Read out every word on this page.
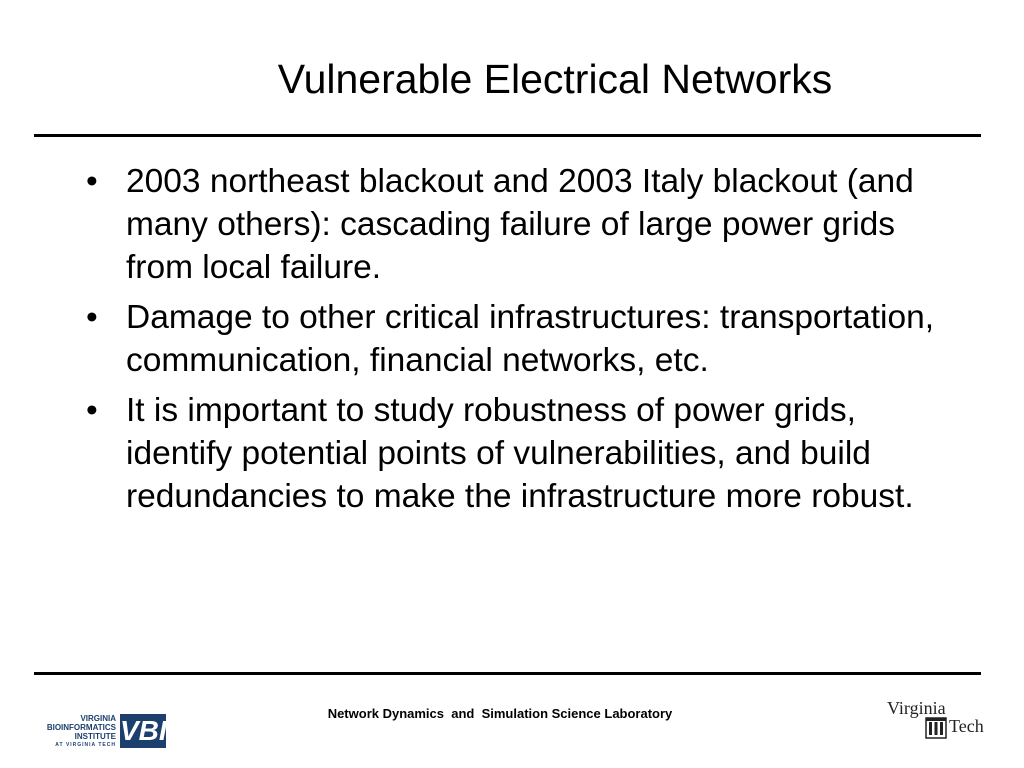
Vulnerable Electrical Networks
• 2003 northeast blackout and 2003 Italy blackout (and many others): cascading failure of large power grids from local failure.
• Damage to other critical infrastructures: transportation, communication, financial networks, etc.
• It is important to study robustness of power grids, identify potential points of vulnerabilities, and build redundancies to make the infrastructure more robust.
VIRGINIA
BIOINFORMATICS
INSTITUTE
AT VIRGINIA TECH VBI
Network Dynamics  and  Simulation Science Laboratory	Virginia
Tech
